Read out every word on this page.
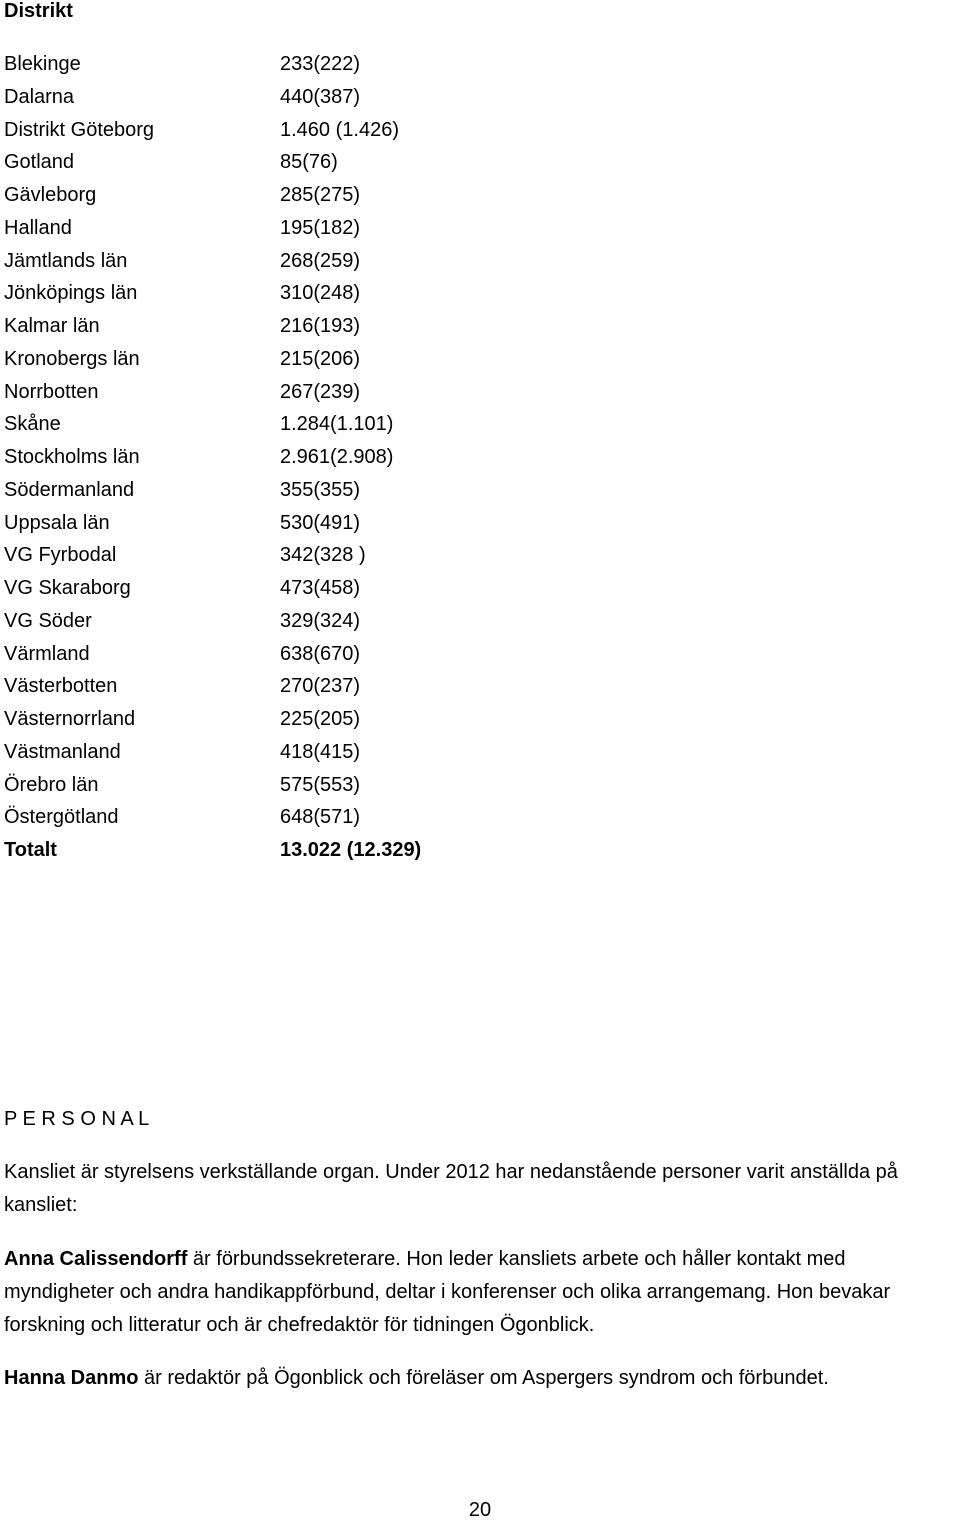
Distrikt
Blekinge	233(222)
Dalarna	440(387)
Distrikt Göteborg	1.460 (1.426)
Gotland	85(76)
Gävleborg	285(275)
Halland	195(182)
Jämtlands län	268(259)
Jönköpings län	310(248)
Kalmar län	216(193)
Kronobergs län	215(206)
Norrbotten	267(239)
Skåne	1.284(1.101)
Stockholms län	2.961(2.908)
Södermanland	355(355)
Uppsala län	530(491)
VG Fyrbodal	342(328 )
VG Skaraborg	473(458)
VG Söder	329(324)
Värmland	638(670)
Västerbotten	270(237)
Västernorrland	225(205)
Västmanland	418(415)
Örebro län	575(553)
Östergötland	648(571)
Totalt	13.022 (12.329)
P E R S O N A L

Kansliet är styrelsens verkställande organ. Under 2012 har nedanstående personer varit anställda på kansliet:

Anna Calissendorff är förbundssekreterare. Hon leder kansliets arbete och håller kontakt med myndigheter och andra handikappförbund, deltar i konferenser och olika arrangemang. Hon bevakar forskning och litteratur och är chefredaktör för tidningen Ögonblick.

Hanna Danmo är redaktör på Ögonblick och föreläser om Aspergers syndrom och förbundet.

20
